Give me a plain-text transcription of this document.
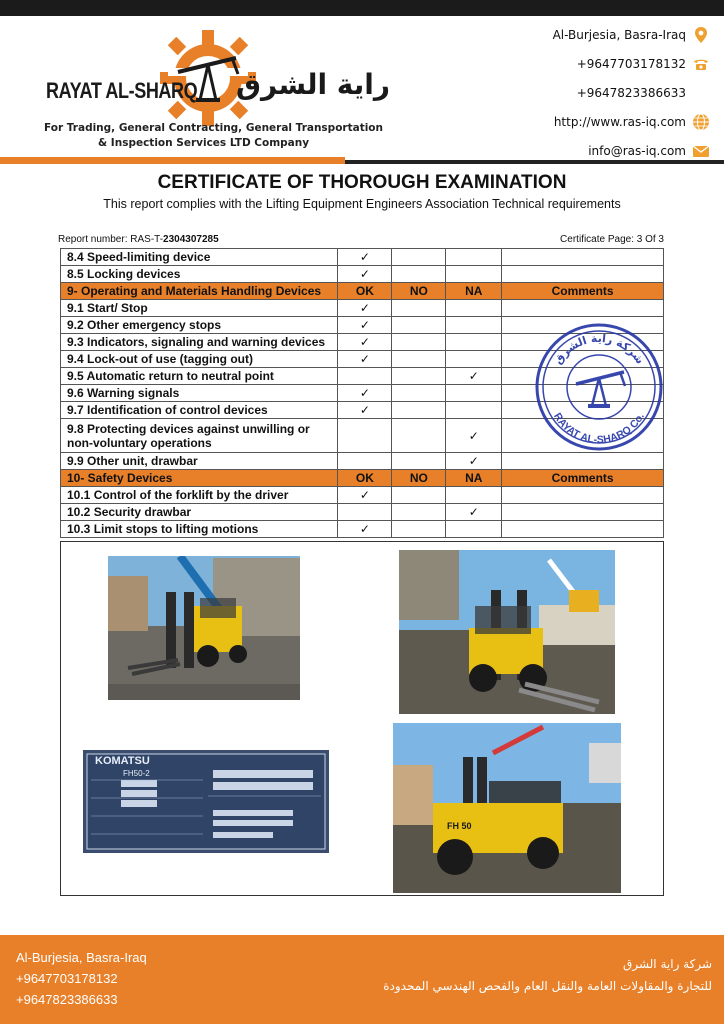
RAYAT AL-SHARQ راية الشرق
For Trading, General Contracting, General Transportation
& Inspection Services LTD Company
Al-Burjesia, Basra-Iraq
+9647703178132
+9647823386633
http://www.ras-iq.com
info@ras-iq.com
CERTIFICATE OF THOROUGH EXAMINATION
This report complies with the Lifting Equipment Engineers Association Technical requirements
Report number: RAS-T-2304307285	Certificate Page: 3 Of 3
8.4 Speed-limiting device	✓			
8.5 Locking devices	✓			
9- Operating and Materials Handling Devices	OK	NO	NA	Comments
9.1 Start/ Stop	✓			
9.2 Other emergency stops	✓			
9.3 Indicators, signaling and warning devices	✓			
9.4 Lock-out of use (tagging out)	✓			
9.5 Automatic return to neutral point			✓	
9.6 Warning signals	✓			
9.7 Identification of control devices	✓			
9.8 Protecting devices against unwilling or non-voluntary operations			✓	
9.9 Other unit, drawbar			✓	
10- Safety Devices	OK	NO	NA	Comments
10.1 Control of the forklift by the driver	✓			
10.2 Security drawbar			✓	
10.3 Limit stops to lifting motions	✓			
شركة راية الشرق
RAYAT AL-SHARQ Co.
KOMATSU
FH50-2
FH 50
Al-Burjesia, Basra-Iraq
+9647703178132
+9647823386633
شركة راية الشرق
للتجارة والمقاولات العامة والنقل العام والفحص الهندسي المحدودة
